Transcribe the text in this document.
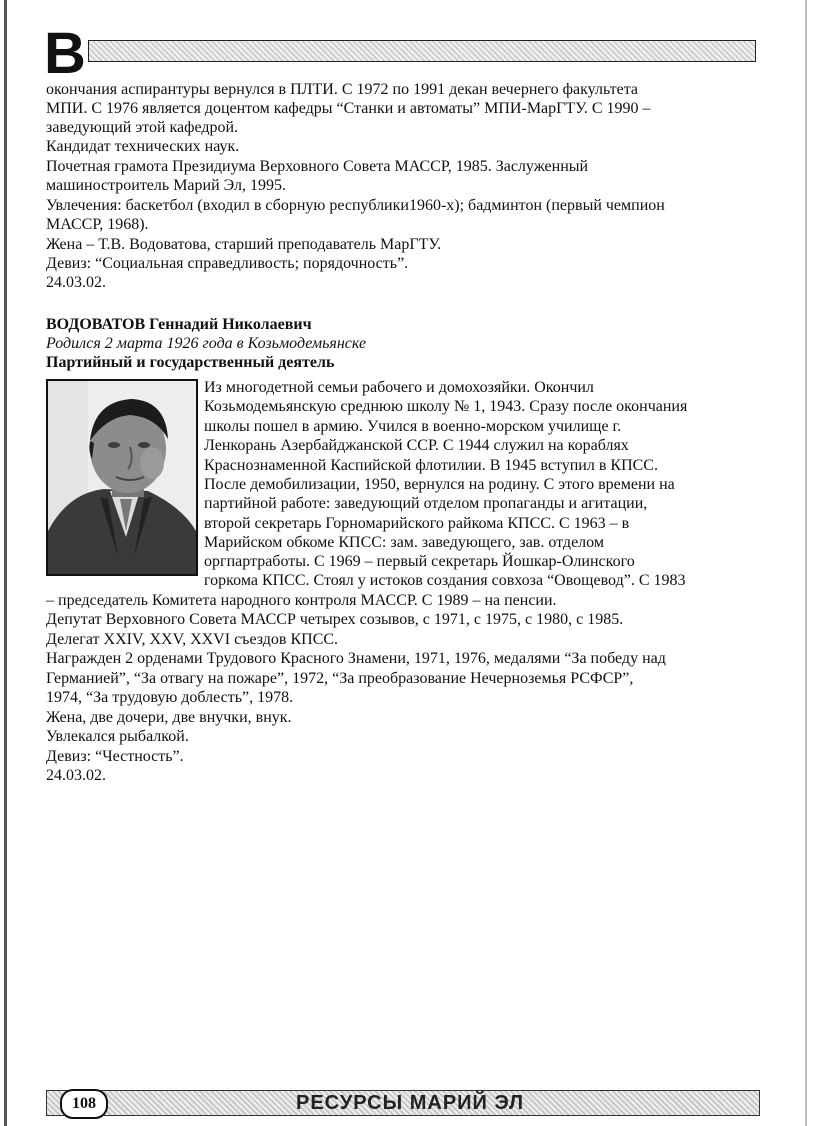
В
окончания аспирантуры вернулся в ПЛТИ. С 1972 по 1991 декан вечернего факультета
МПИ. С 1976 является доцентом кафедры “Станки и автоматы” МПИ-МарГТУ. С 1990 –
заведующий этой кафедрой.
Кандидат технических наук.
Почетная грамота Президиума Верховного Совета МАССР, 1985. Заслуженный
машиностроитель Марий Эл, 1995.
Увлечения: баскетбол (входил в сборную республики1960-х); бадминтон (первый чемпион
МАССР, 1968).
Жена – Т.В. Водоватова, старший преподаватель МарГТУ.
Девиз: “Социальная справедливость; порядочность”.
24.03.02.
ВОДОВАТОВ Геннадий Николаевич
Родился 2 марта 1926 года в Козьмодемьянске
Партийный и государственный деятель
Из многодетной семьи рабочего и домохозяйки. Окончил
Козьмодемьянскую среднюю школу № 1, 1943. Сразу после окончания
школы пошел в армию. Учился в военно-морском училище г.
Ленкорань Азербайджанской ССР. С 1944 служил на кораблях
Краснознаменной Каспийской флотилии. В 1945 вступил в КПСС.
После демобилизации, 1950, вернулся на родину. С этого времени на
партийной работе: заведующий отделом пропаганды и агитации,
второй секретарь Горномарийского райкома КПСС. С 1963 – в
Марийском обкоме КПСС: зам. заведующего, зав. отделом
оргпартработы. С 1969 – первый секретарь Йошкар-Олинского
горкома КПСС. Стоял у истоков создания совхоза “Овощевод”. С 1983
– председатель Комитета народного контроля МАССР. С 1989 – на пенсии.
Депутат Верховного Совета МАССР четырех созывов, с 1971, с 1975, с 1980, с 1985.
Делегат XXIV, XXV, XXVI съездов КПСС.
Награжден 2 орденами Трудового Красного Знамени, 1971, 1976, медалями “За победу над
Германией”, “За отвагу на пожаре”, 1972, “За преобразование Нечерноземья РСФСР”,
1974, “За трудовую доблесть”, 1978.
Жена, две дочери, две внучки, внук.
Увлекался рыбалкой.
Девиз: “Честность”.
24.03.02.
108	РЕСУРСЫ МАРИЙ ЭЛ
